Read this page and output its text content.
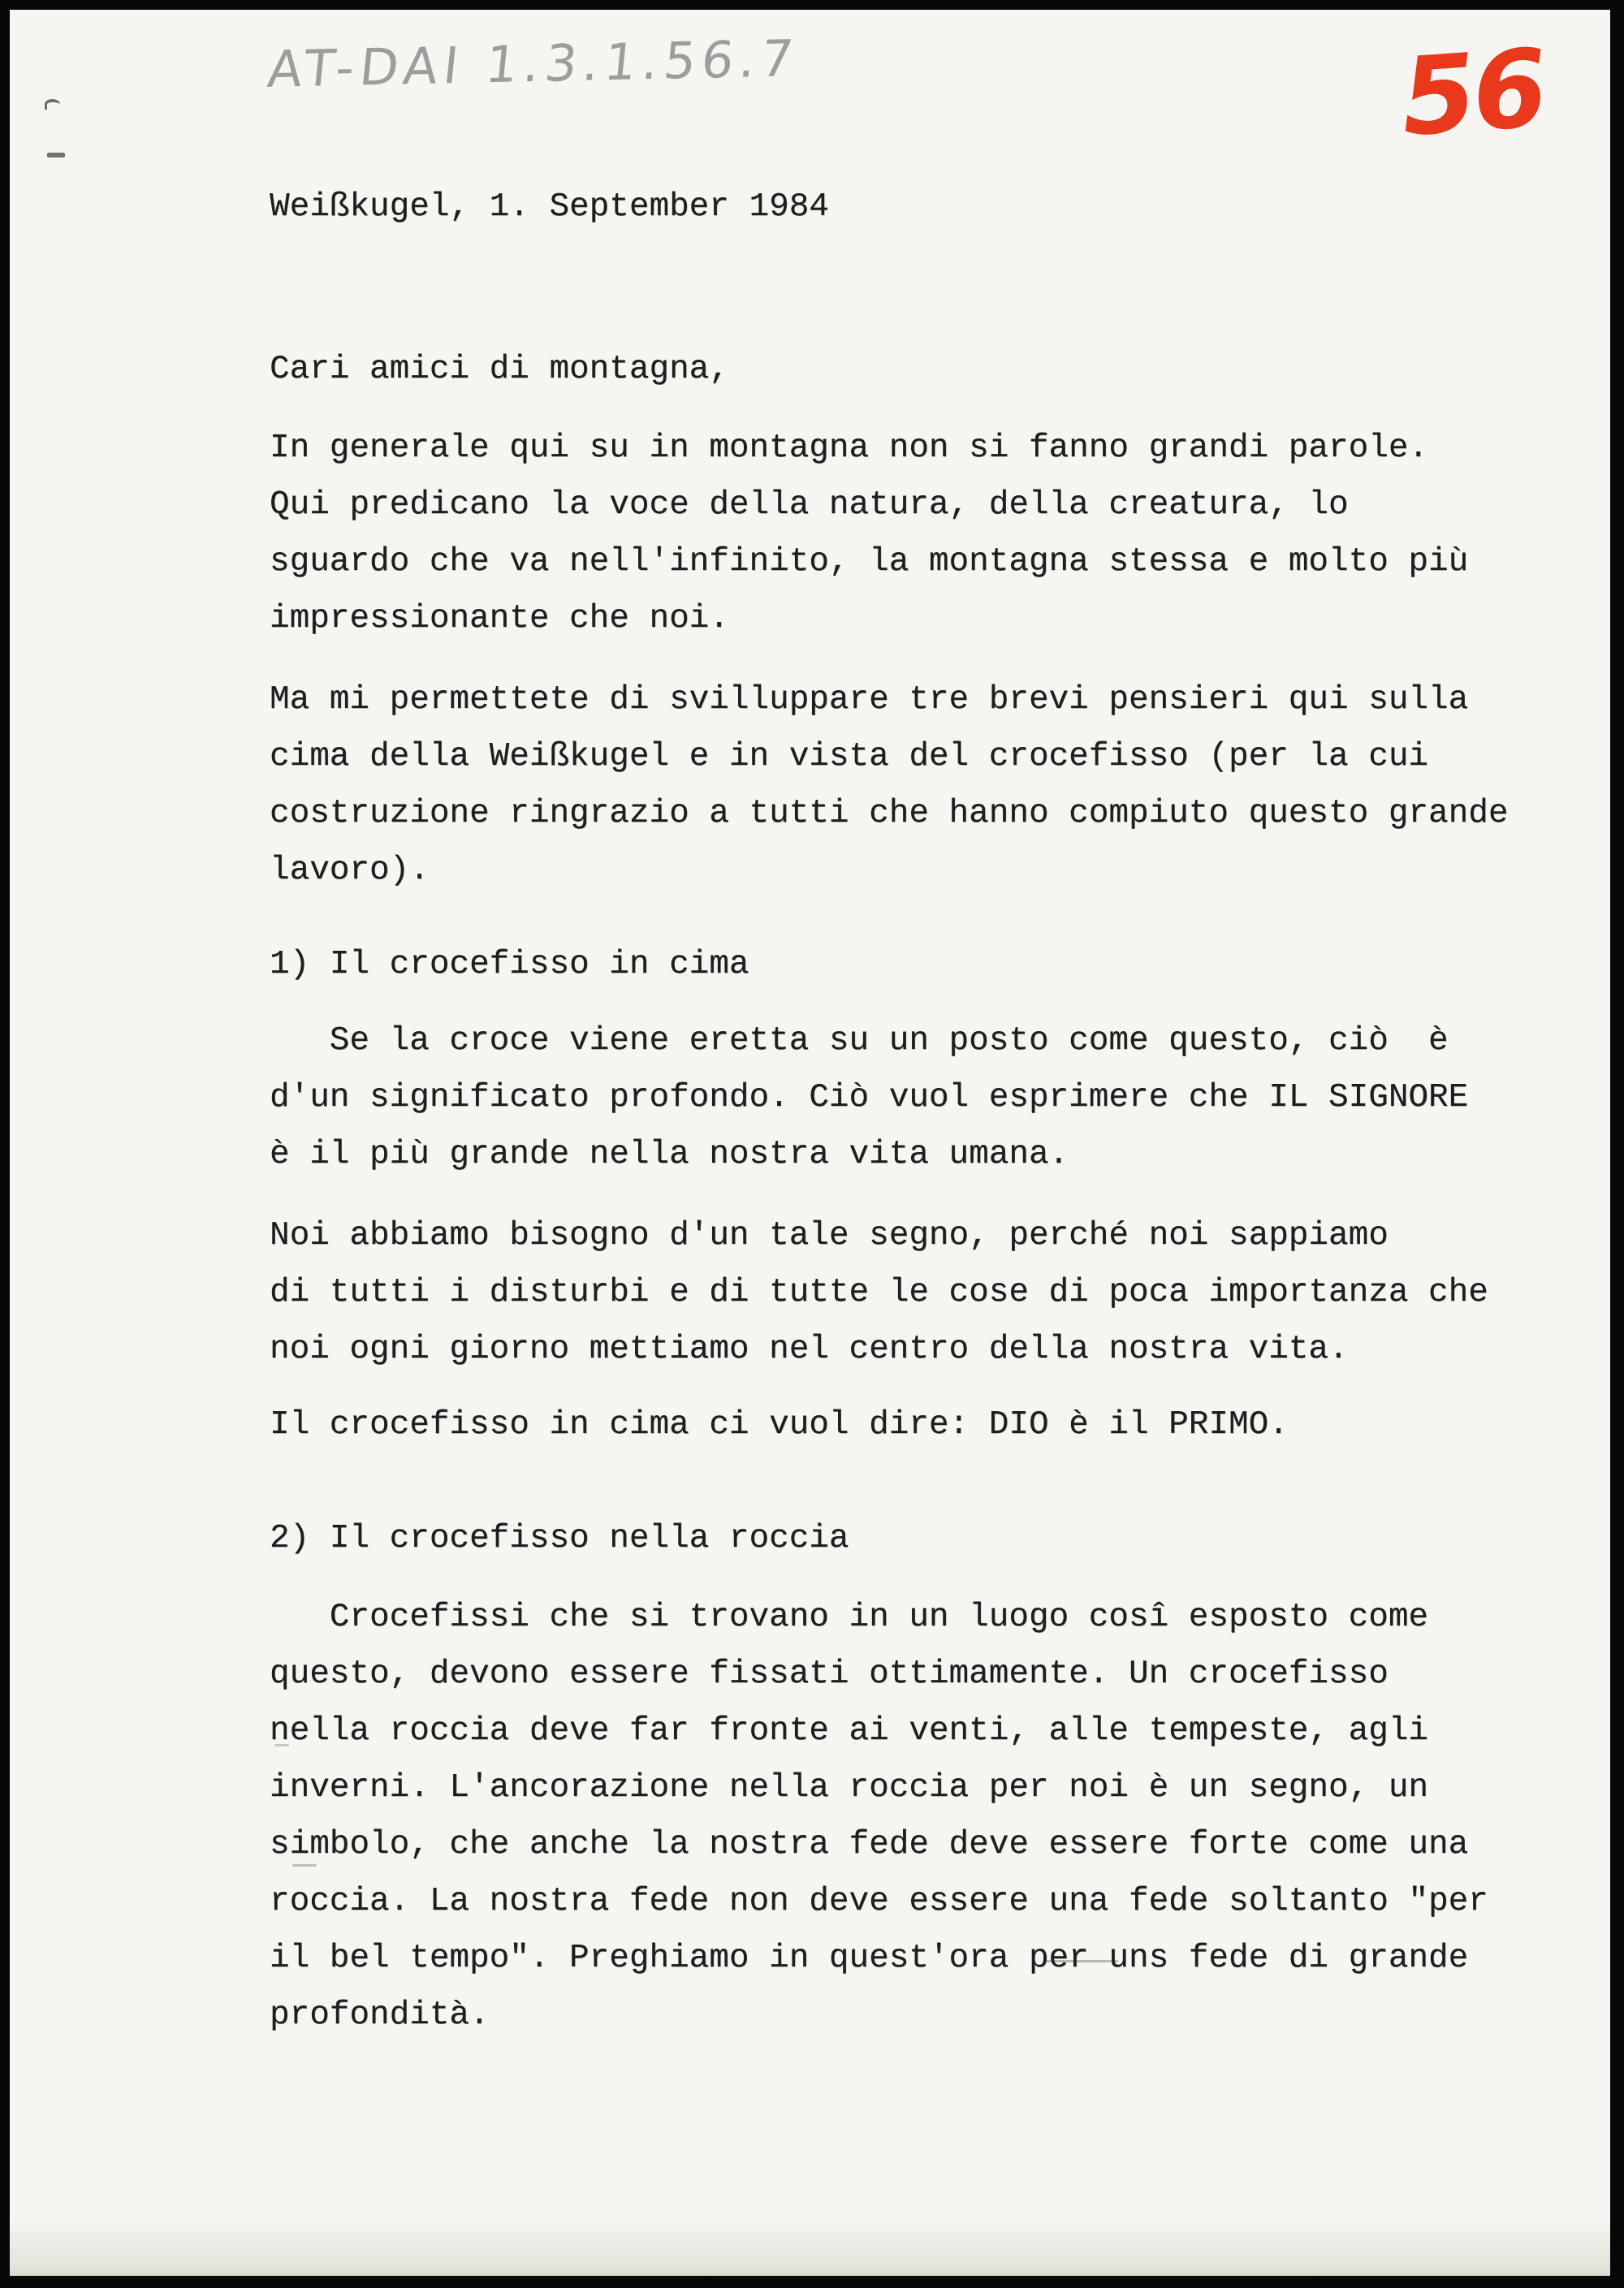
AT-DAI 1.3.1.56.7	56
Weißkugel, 1. September 1984
Cari amici di montagna,
In generale qui su in montagna non si fanno grandi parole.
Qui predicano la voce della natura, della creatura, lo
sguardo che va nell'infinito, la montagna stessa e molto più
impressionante che noi.
Ma mi permettete di svilluppare tre brevi pensieri qui sulla
cima della Weißkugel e in vista del crocefisso (per la cui
costruzione ringrazio a tutti che hanno compiuto questo grande
lavoro).
1) Il crocefisso in cima
Se la croce viene eretta su un posto come questo, ciò  è
d'un significato profondo. Ciò vuol esprimere che IL SIGNORE
è il più grande nella nostra vita umana.
Noi abbiamo bisogno d'un tale segno, perché noi sappiamo
di tutti i disturbi e di tutte le cose di poca importanza che
noi ogni giorno mettiamo nel centro della nostra vita.
Il crocefisso in cima ci vuol dire: DIO è il PRIMO.
2) Il crocefisso nella roccia
Crocefissi che si trovano in un luogo cosî esposto come
questo, devono essere fissati ottimamente. Un crocefisso
nella roccia deve far fronte ai venti, alle tempeste, agli
inverni. L'ancorazione nella roccia per noi è un segno, un
simbolo, che anche la nostra fede deve essere forte come una
roccia. La nostra fede non deve essere una fede soltanto "per
il bel tempo". Preghiamo in quest'ora per uns fede di grande
profondità.
